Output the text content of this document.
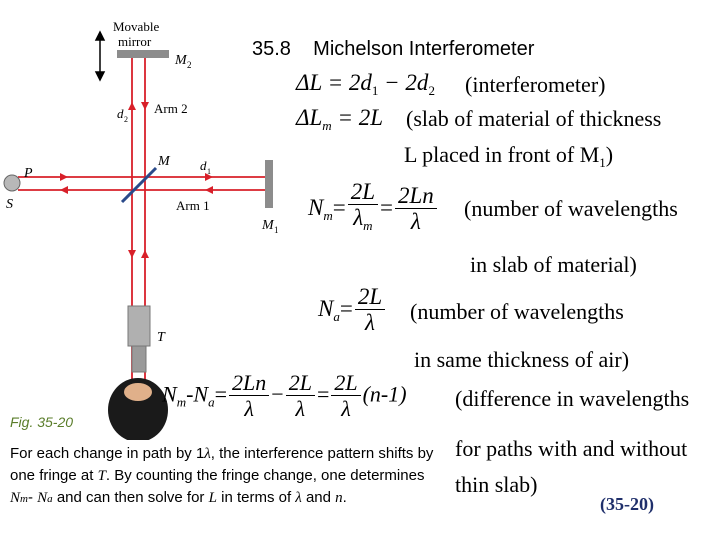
Movable
mirror
M 2
M 1
M
d 2
Arm 2
d 1
Arm 1
P
S
T
Fig. 35-20
35.8 Michelson Interferometer
$\Delta L = 2d_1 - 2d_2$ (interferometer)
$\Delta L_m = 2L$ (slab of material of thickness
L placed in front of $M_1$)
$N_m= \frac{2L}{\lambda_m} = \frac{2Ln}{\lambda}$ (number of wavelengths
in slab of material)
$N_a= \frac{2L}{\lambda}$ (number of wavelengths
in same thickness of air)
$N_m-N_a= \frac{2Ln}{\lambda} - \frac{2L}{\lambda} = \frac{2L}{\lambda} (n-1)$ (difference in wavelengths
for paths with and without
thin slab)
For each change in path by 1λ, the interference pattern shifts by one fringe at T. By counting the fringe change, one determines Nm- Na and can then solve for L in terms of λ and n.	(35-20)
